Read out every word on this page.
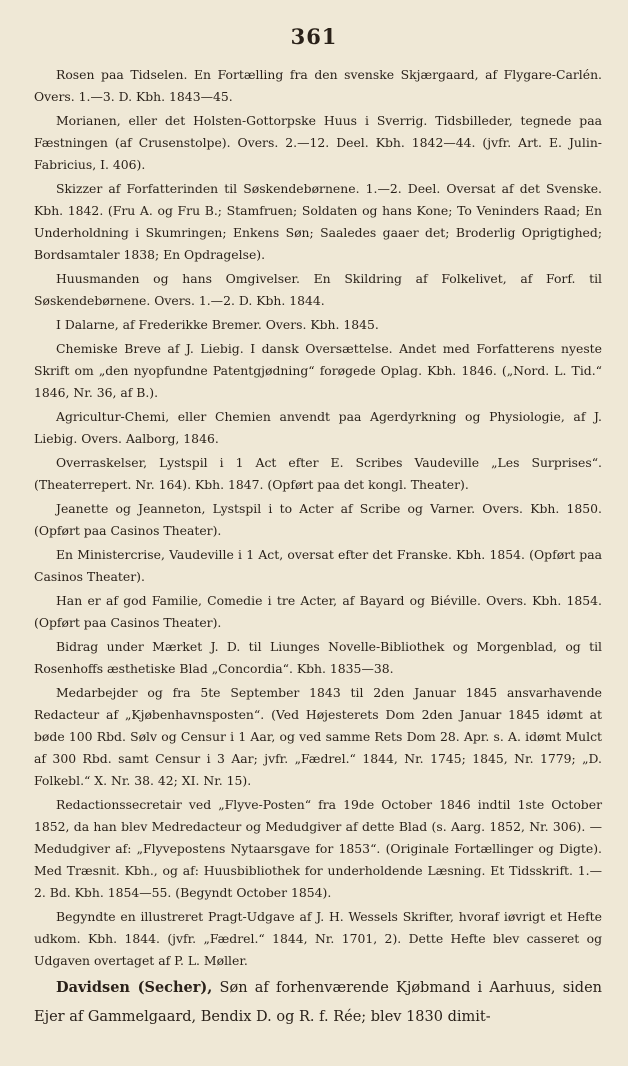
361

Rosen paa Tidselen. En Fortælling fra den svenske Skjærgaard, af Flygare-Carlén. Overs. 1.—3. D. Kbh. 1843—45.

Morianen, eller det Holsten-Gottorpske Huus i Sverrig. Tidsbilleder, tegnede paa Fæstningen (af Crusenstolpe). Overs. 2.—12. Deel. Kbh. 1842—44. (jvfr. Art. E. Julin-Fabricius, I. 406).

Skizzer af Forfatterinden til Søskendebørnene. 1.—2. Deel. Oversat af det Svenske. Kbh. 1842. (Fru A. og Fru B.; Stamfruen; Soldaten og hans Kone; To Veninders Raad; En Underholdning i Skumringen; Enkens Søn; Saaledes gaaer det; Broderlig Oprigtighed; Bordsamtaler 1838; En Opdragelse).

Huusmanden og hans Omgivelser. En Skildring af Folkelivet, af Forf. til Søskendebørnene. Overs. 1.—2. D. Kbh. 1844.

I Dalarne, af Frederikke Bremer. Overs. Kbh. 1845.

Chemiske Breve af J. Liebig. I dansk Oversættelse. Andet med Forfatterens nyeste Skrift om „den nyopfundne Patentgjødning“ forøgede Oplag. Kbh. 1846. („Nord. L. Tid.“ 1846, Nr. 36, af B.).

Agricultur-Chemi, eller Chemien anvendt paa Agerdyrkning og Physiologie, af J. Liebig. Overs. Aalborg, 1846.

Overraskelser, Lystspil i 1 Act efter E. Scribes Vaudeville „Les Surprises“. (Theaterrepert. Nr. 164). Kbh. 1847. (Opført paa det kongl. Theater).

Jeanette og Jeanneton, Lystspil i to Acter af Scribe og Varner. Overs. Kbh. 1850. (Opført paa Casinos Theater).

En Ministercrise, Vaudeville i 1 Act, oversat efter det Franske. Kbh. 1854. (Opført paa Casinos Theater).

Han er af god Familie, Comedie i tre Acter, af Bayard og Biéville. Overs. Kbh. 1854. (Opført paa Casinos Theater).

Bidrag under Mærket J. D. til Liunges Novelle-Bibliothek og Morgenblad, og til Rosenhoffs æsthetiske Blad „Concordia“. Kbh. 1835—38.

Medarbejder og fra 5te September 1843 til 2den Januar 1845 ansvarhavende Redacteur af „Kjøbenhavnsposten“. (Ved Højesterets Dom 2den Januar 1845 idømt at bøde 100 Rbd. Sølv og Censur i 1 Aar, og ved samme Rets Dom 28. Apr. s. A. idømt Mulct af 300 Rbd. samt Censur i 3 Aar; jvfr. „Fædrel.“ 1844, Nr. 1745; 1845, Nr. 1779; „D. Folkebl.“ X. Nr. 38. 42; XI. Nr. 15).

Redactionssecretair ved „Flyve-Posten“ fra 19de October 1846 indtil 1ste October 1852, da han blev Medredacteur og Medudgiver af dette Blad (s. Aarg. 1852, Nr. 306). — Medudgiver af: „Flyvepostens Nytaarsgave for 1853“. (Originale Fortællinger og Digte). Med Træsnit. Kbh., og af: Huusbibliothek for underholdende Læsning. Et Tidsskrift. 1.—2. Bd. Kbh. 1854—55. (Begyndt October 1854).

Begyndte en illustreret Pragt-Udgave af J. H. Wessels Skrifter, hvoraf iøvrigt et Hefte udkom. Kbh. 1844. (jvfr. „Fædrel.“ 1844, Nr. 1701, 2). Dette Hefte blev casseret og Udgaven overtaget af P. L. Møller.

Davidsen (Secher), Søn af forhenværende Kjøbmand i Aarhuus, siden Ejer af Gammelgaard, Bendix D. og R. f. Rée; blev 1830 dimit-
